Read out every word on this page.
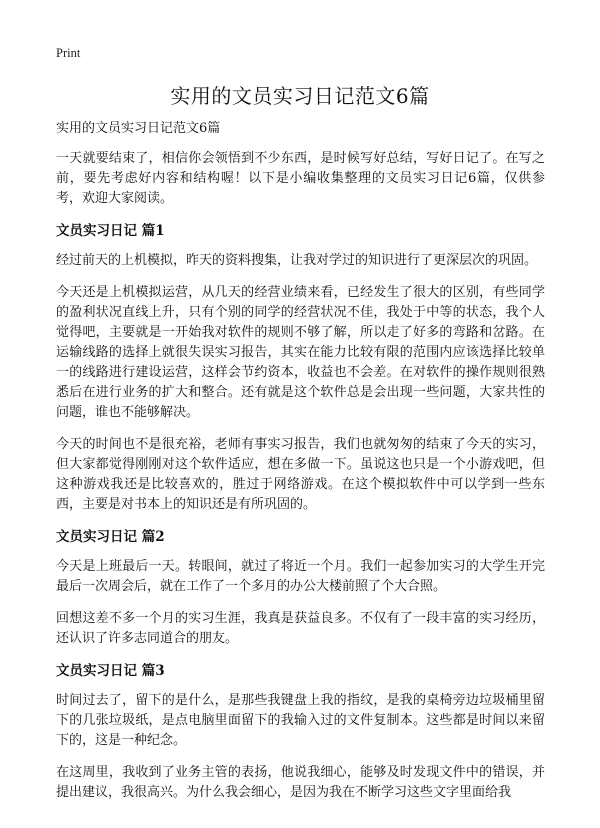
Print
实用的文员实习日记范文6篇
实用的文员实习日记范文6篇

一天就要结束了，相信你会领悟到不少东西，是时候写好总结，写好日记了。在写之前，要先考虑好内容和结构喔！以下是小编收集整理的文员实习日记6篇，仅供参考，欢迎大家阅读。

文员实习日记 篇1

经过前天的上机模拟，昨天的资料搜集，让我对学过的知识进行了更深层次的巩固。

今天还是上机模拟运营，从几天的经营业绩来看，已经发生了很大的区别，有些同学的盈利状况直线上升，只有个别的同学的经营状况不佳，我处于中等的状态，我个人觉得吧，主要就是一开始我对软件的规则不够了解，所以走了好多的弯路和岔路。在运输线路的选择上就很失误实习报告，其实在能力比较有限的范围内应该选择比较单一的线路进行建设运营，这样会节约资本，收益也不会差。在对软件的操作规则很熟悉后在进行业务的扩大和整合。还有就是这个软件总是会出现一些问题，大家共性的问题，谁也不能够解决。

今天的时间也不是很充裕，老师有事实习报告，我们也就匆匆的结束了今天的实习，但大家都觉得刚刚对这个软件适应，想在多做一下。虽说这也只是一个小游戏吧，但这种游戏我还是比较喜欢的，胜过于网络游戏。在这个模拟软件中可以学到一些东西，主要是对书本上的知识还是有所巩固的。

文员实习日记 篇2

今天是上班最后一天。转眼间，就过了将近一个月。我们一起参加实习的大学生开完最后一次周会后，就在工作了一个多月的办公大楼前照了个大合照。

回想这差不多一个月的实习生涯，我真是获益良多。不仅有了一段丰富的实习经历，还认识了许多志同道合的朋友。

文员实习日记 篇3

时间过去了，留下的是什么，是那些我键盘上我的指纹，是我的桌椅旁边垃圾桶里留下的几张垃圾纸，是点电脑里面留下的我输入过的文件复制本。这些都是时间以来留下的，这是一种纪念。

在这周里，我收到了业务主管的表扬，他说我细心，能够及时发现文件中的错误，并提出建议，我很高兴。为什么我会细心，是因为我在不断学习这些文字里面给我
